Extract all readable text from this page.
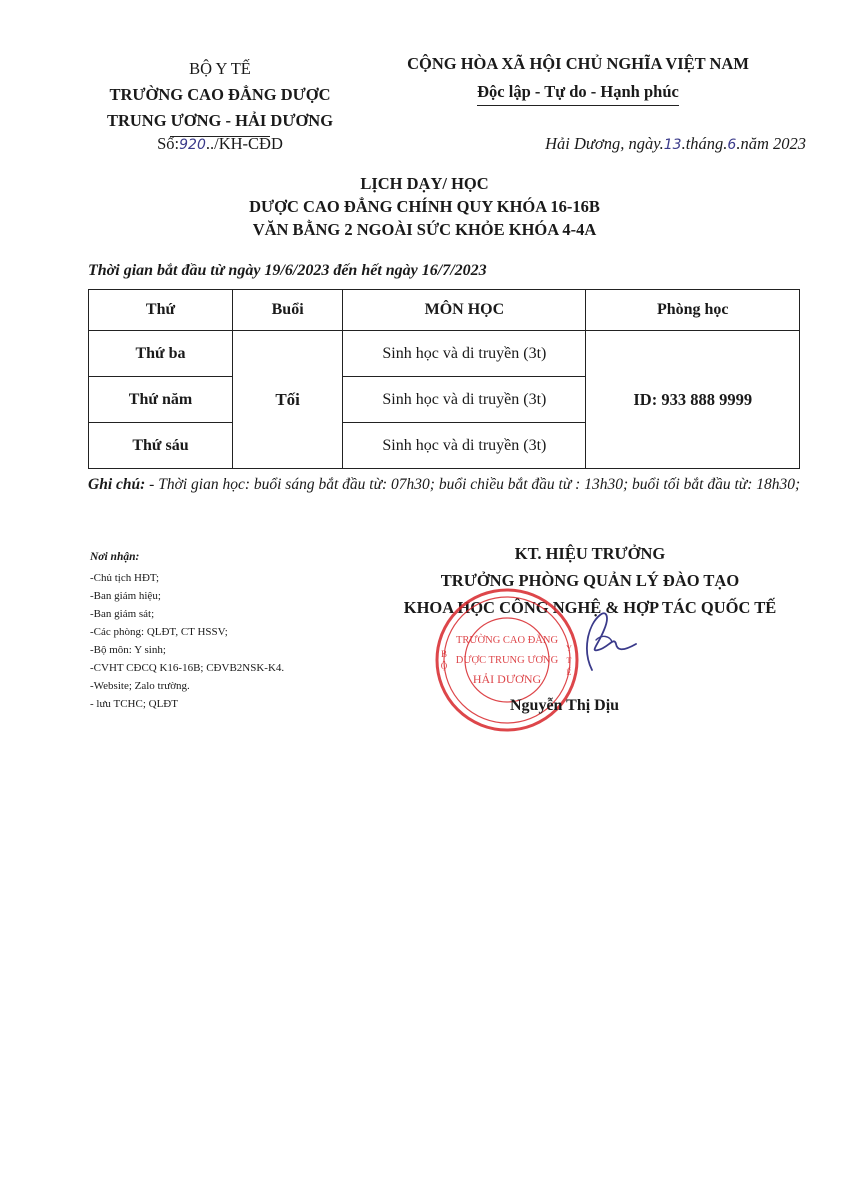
BỘ Y TẾ
TRƯỜNG CAO ĐẲNG DƯỢC
TRUNG ƯƠNG - HẢI DƯƠNG
Số:920../KH-CĐD
CỘNG HÒA XÃ HỘI CHỦ NGHĨA VIỆT NAM
Độc lập - Tự do - Hạnh phúc
Hải Dương, ngày.13.tháng.6.năm 2023
LỊCH DẠY/ HỌC
DƯỢC CAO ĐẲNG CHÍNH QUY KHÓA 16-16B
VĂN BẰNG 2 NGOÀI SỨC KHỎE KHÓA 4-4A
Thời gian bắt đầu từ ngày 19/6/2023 đến hết ngày 16/7/2023
Thứ	Buổi	MÔN HỌC	Phòng học
Thứ ba	Tối	Sinh học và di truyền (3t)	ID: 933 888 9999
Thứ năm		Sinh học và di truyền (3t)	
Thứ sáu		Sinh học và di truyền (3t)	
Ghi chú: - Thời gian học: buổi sáng bắt đầu từ: 07h30; buổi chiều bắt đầu từ : 13h30; buổi tối bắt đầu từ: 18h30;
Nơi nhận:
-Chủ tịch HĐT;
-Ban giám hiệu;
-Ban giám sát;
-Các phòng: QLĐT, CT HSSV;
-Bộ môn: Y sinh;
-CVHT CĐCQ K16-16B; CĐVB2NSK-K4.
-Website; Zalo trường.
- lưu TCHC; QLĐT
KT. HIỆU TRƯỞNG
TRƯỞNG PHÒNG QUẢN LÝ ĐÀO TẠO
KHOA HỌC CÔNG NGHỆ & HỢP TÁC QUỐC TẾ
TRƯỜNG CAO ĐẲNG
DƯỢC TRUNG ƯƠNG
HẢI DƯƠNG
B
Ộ
Y
T
Ế
Nguyễn Thị Dịu
